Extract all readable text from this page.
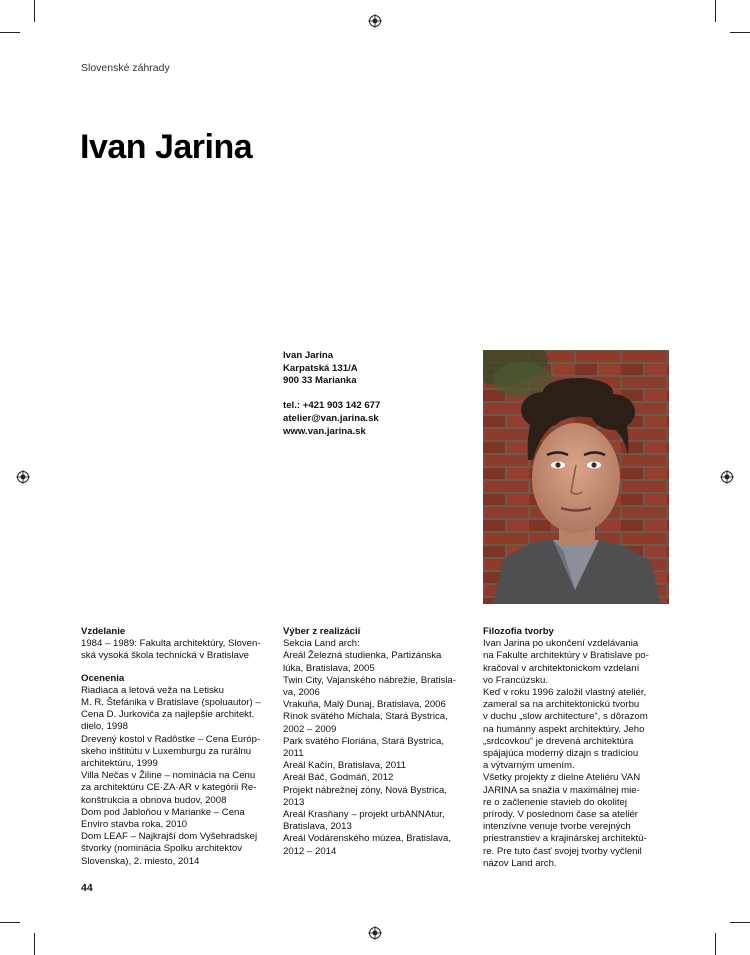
Slovenské záhrady
Ivan Jarina
Ivan Jarina
Karpatská 131/A
900 33 Marianka
tel.: +421 903 142 677
atelier@van.jarina.sk
www.van.jarina.sk
Vzdelanie
1984 – 1989: Fakulta architektúry, Sloven-
ská vysoká škola technická v Bratislave
Ocenenia
Riadiaca a letová veža na Letisku
M. R. Štefánika v Bratislave (spoluautor) –
Cena D. Jurkoviča za najlepšie architekt.
dielo, 1998
Drevený kostol v Radôstke – Cena Európ-
skeho inštitútu v Luxemburgu za rurálnu
architektúru, 1999
Villa Nečas v Žiline – nominácia na Cenu
za architektúru CE·ZA·AR v kategórii Re-
konštrukcia a obnova budov, 2008
Dom pod Jabloňou v Marianke – Cena
Enviro stavba roka, 2010
Dom LEAF – Najkrajší dom Vyšehradskej
štvorky (nominácia Spolku architektov
Slovenska), 2. miesto, 2014
Výber z realizácií
Sekcia Land arch:
Areál Železná studienka, Partizánska
lúka, Bratislava, 2005
Twin City, Vajanského nábrežie, Bratisla-
va, 2006
Vrakuňa, Malý Dunaj, Bratislava, 2006
Rínok svätého Michala, Stará Bystrica,
2002 – 2009
Park svätého Floriána, Stará Bystrica,
2011
Areál Kačín, Bratislava, 2011
Areál Báč, Godmáň, 2012
Projekt nábrežnej zóny, Nová Bystrica,
2013
Areál Krasňany – projekt urbANNAtur,
Bratislava, 2013
Areál Vodárenského múzea, Bratislava,
2012 – 2014
Filozofia tvorby
Ivan Jarina po ukončení vzdelávania
na Fakulte architektúry v Bratislave po-
kračoval v architektonickom vzdelaní
vo Francúzsku.
Keď v roku 1996 založil vlastný ateliér,
zameral sa na architektonickú tvorbu
v duchu „slow architecture“, s dôrazom
na humánny aspekt architektúry. Jeho
„srdcovkou“ je drevená architektúra
spájajúca moderný dizajn s tradíciou
a výtvarným umením.
Všetky projekty z dielne Ateliéru VAN
JARINA sa snažia v maximálnej mie-
re o začlenenie stavieb do okolitej
prírody. V poslednom čase sa ateliér
intenzívne venuje tvorbe verejných
priestranstiev a krajinárskej architektú-
re. Pre tuto časť svojej tvorby vyčlenil
názov Land arch.
44
